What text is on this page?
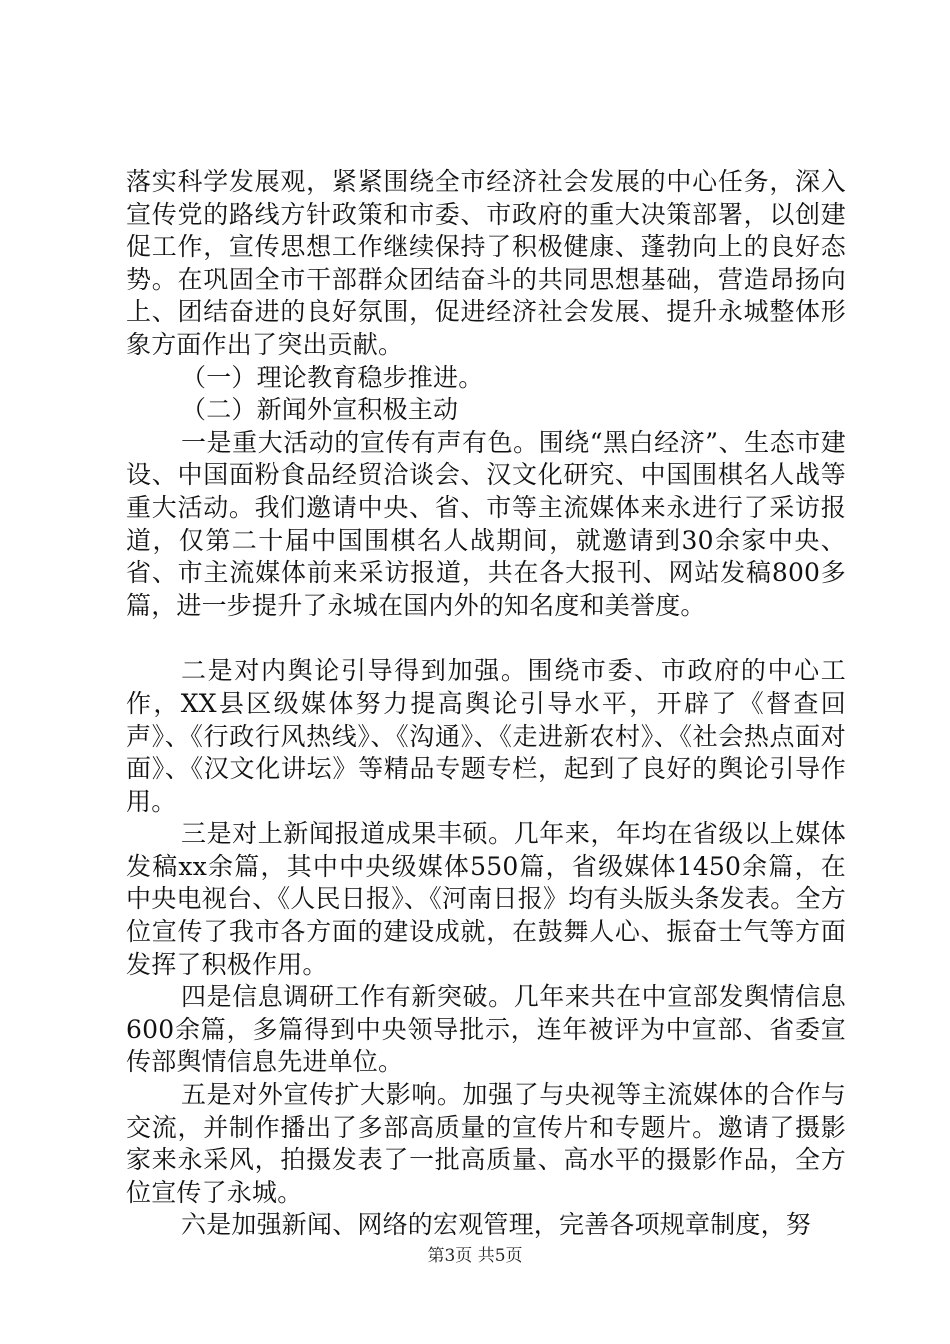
落实科学发展观，紧紧围绕全市经济社会发展的中心任务，深入宣传党的路线方针政策和市委、市政府的重大决策部署，以创建促工作，宣传思想工作继续保持了积极健康、蓬勃向上的良好态势。在巩固全市干部群众团结奋斗的共同思想基础，营造昂扬向上、团结奋进的良好氛围，促进经济社会发展、提升永城整体形象方面作出了突出贡献。

（一）理论教育稳步推进。

（二）新闻外宣积极主动

一是重大活动的宣传有声有色。围绕“黑白经济”、生态市建设、中国面粉食品经贸洽谈会、汉文化研究、中国围棋名人战等重大活动。我们邀请中央、省、市等主流媒体来永进行了采访报道，仅第二十届中国围棋名人战期间，就邀请到30余家中央、省、市主流媒体前来采访报道，共在各大报刊、网站发稿800多篇，进一步提升了永城在国内外的知名度和美誉度。

二是对内舆论引导得到加强。围绕市委、市政府的中心工作，XX县区级媒体努力提高舆论引导水平，开辟了《督查回声》、《行政行风热线》、《沟通》、《走进新农村》、《社会热点面对面》、《汉文化讲坛》等精品专题专栏，起到了良好的舆论引导作用。

三是对上新闻报道成果丰硕。几年来，年均在省级以上媒体发稿xx余篇，其中中央级媒体550篇，省级媒体1450余篇，在中央电视台、《人民日报》、《河南日报》均有头版头条发表。全方位宣传了我市各方面的建设成就，在鼓舞人心、振奋士气等方面发挥了积极作用。

四是信息调研工作有新突破。几年来共在中宣部发舆情信息600余篇，多篇得到中央领导批示，连年被评为中宣部、省委宣传部舆情信息先进单位。

五是对外宣传扩大影响。加强了与央视等主流媒体的合作与交流，并制作播出了多部高质量的宣传片和专题片。邀请了摄影家来永采风，拍摄发表了一批高质量、高水平的摄影作品，全方位宣传了永城。

六是加强新闻、网络的宏观管理，完善各项规章制度，努

第3页 共5页
